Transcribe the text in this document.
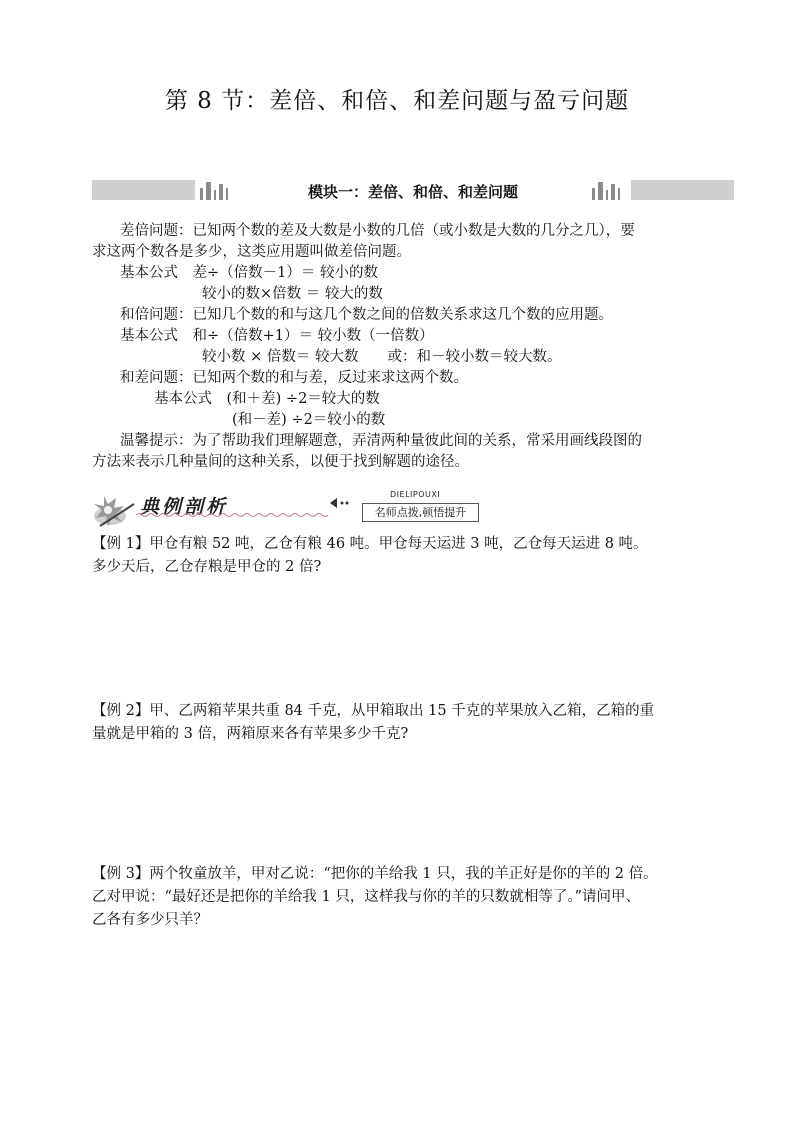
第 8 节：差倍、和倍、和差问题与盈亏问题
模块一：差倍、和倍、和差问题

差倍问题：已知两个数的差及大数是小数的几倍（或小数是大数的几分之几），要

求这两个数各是多少，这类应用题叫做差倍问题。

基本公式　差÷（倍数－1）＝ 较小的数

较小的数×倍数 ＝ 较大的数

和倍问题：已知几个数的和与这几个数之间的倍数关系求这几个数的应用题。

基本公式　和÷（倍数+1）＝ 较小数（一倍数）

较小数 × 倍数＝ 较大数　　或：和－较小数＝较大数。

和差问题：已知两个数的和与差，反过来求这两个数。

基本公式　(和＋差) ÷2＝较大的数

(和－差) ÷2＝较小的数

温馨提示：为了帮助我们理解题意，弄清两种量彼此间的关系，常采用画线段图的

方法来表示几种量间的这种关系，以便于找到解题的途径。

典例剖析
DIELIPOUXI
名师点拨,顿悟提升

【例 1】甲仓有粮 52 吨，乙仓有粮 46 吨。甲仓每天运进 3 吨，乙仓每天运进 8 吨。

多少天后，乙仓存粮是甲仓的 2 倍?

【例 2】甲、乙两箱苹果共重 84 千克，从甲箱取出 15 千克的苹果放入乙箱，乙箱的重

量就是甲箱的 3 倍，两箱原来各有苹果多少千克?

【例 3】两个牧童放羊，甲对乙说：“把你的羊给我 1 只，我的羊正好是你的羊的 2 倍。

乙对甲说：“最好还是把你的羊给我 1 只，这样我与你的羊的只数就相等了。”请问甲、

乙各有多少只羊？
